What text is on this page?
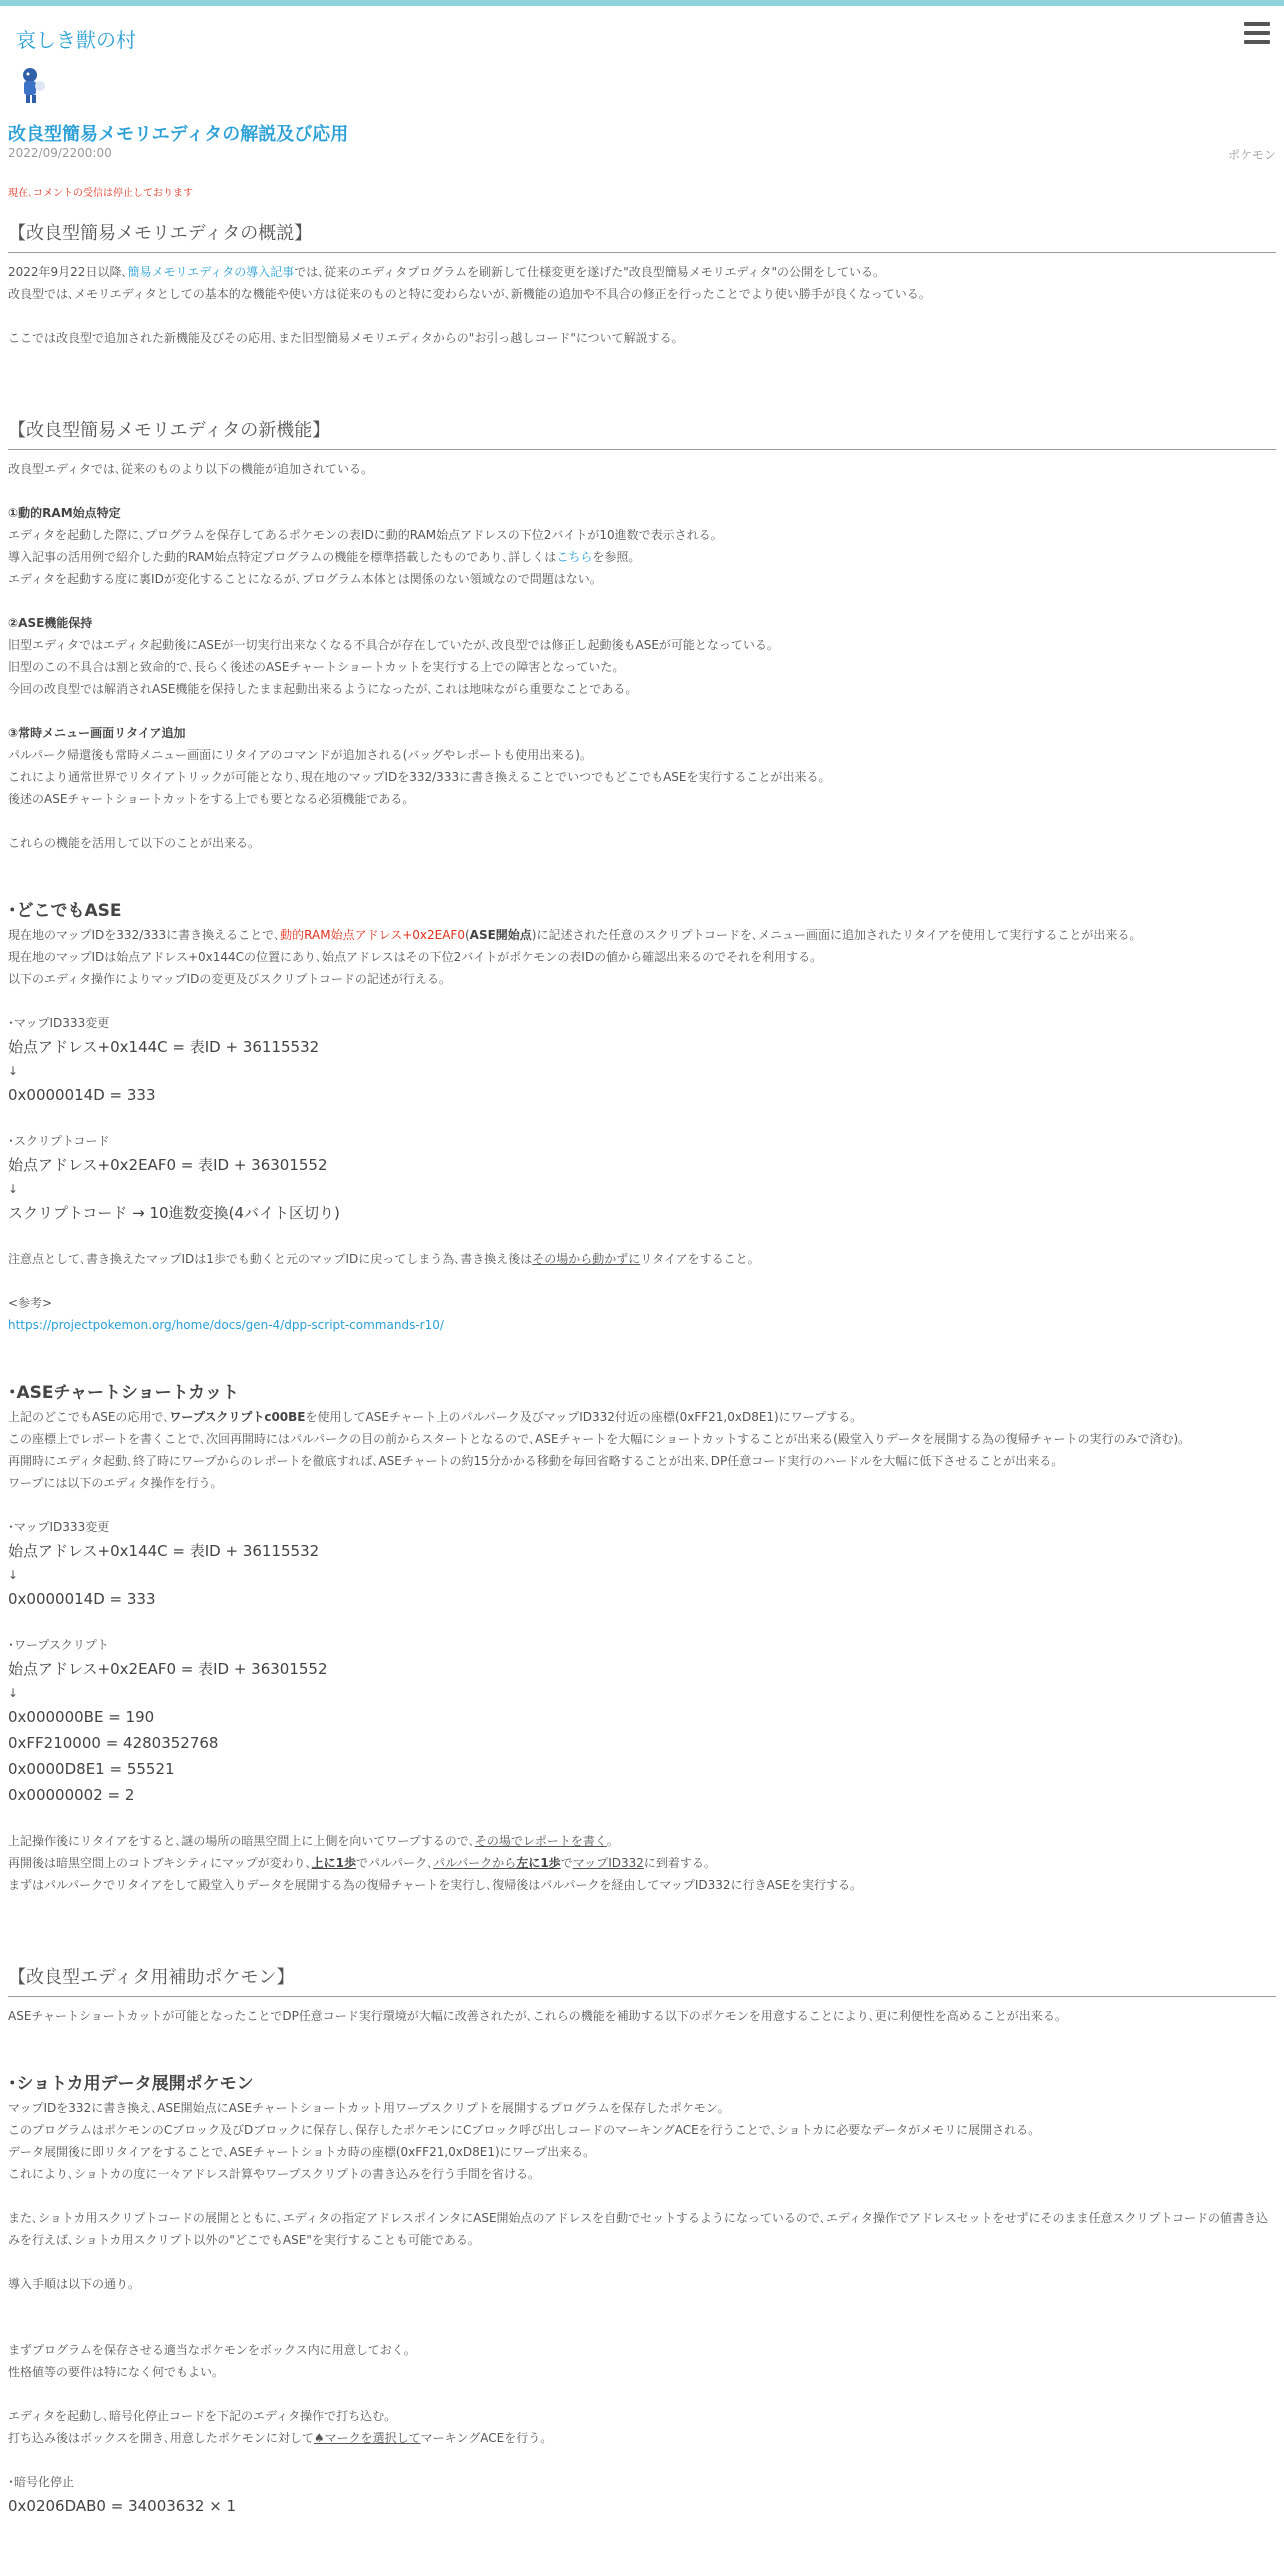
哀しき獣の村
改良型簡易メモリエディタの解説及び応用
2022/09/2200:00	ポケモン
現在､コメントの受信は停止しております
【改良型簡易メモリエディタの概説】

2022年9月22日以降､簡易メモリエディタの導入記事では､従来のエディタプログラムを刷新して仕様変更を遂げた"改良型簡易メモリエディタ"の公開をしている｡

改良型では､メモリエディタとしての基本的な機能や使い方は従来のものと特に変わらないが､新機能の追加や不具合の修正を行ったことでより使い勝手が良くなっている｡

ここでは改良型で追加された新機能及びその応用､また旧型簡易メモリエディタからの"お引っ越しコード"について解説する｡

【改良型簡易メモリエディタの新機能】

改良型エディタでは､従来のものより以下の機能が追加されている｡

①動的RAM始点特定

エディタを起動した際に､プログラムを保存してあるポケモンの表IDに動的RAM始点アドレスの下位2バイトが10進数で表示される｡

導入記事の活用例で紹介した動的RAM始点特定プログラムの機能を標準搭載したものであり､詳しくはこちらを参照｡

エディタを起動する度に裏IDが変化することになるが､プログラム本体とは関係のない領域なので問題はない｡

②ASE機能保持

旧型エディタではエディタ起動後にASEが一切実行出来なくなる不具合が存在していたが､改良型では修正し起動後もASEが可能となっている｡

旧型のこの不具合は割と致命的で､長らく後述のASEチャートショートカットを実行する上での障害となっていた｡

今回の改良型では解消されASE機能を保持したまま起動出来るようになったが､これは地味ながら重要なことである｡

③常時メニュー画面リタイア追加

パルパーク帰還後も常時メニュー画面にリタイアのコマンドが追加される(バッグやレポートも使用出来る)｡

これにより通常世界でリタイアトリックが可能となり､現在地のマップIDを332/333に書き換えることでいつでもどこでもASEを実行することが出来る｡

後述のASEチャートショートカットをする上でも要となる必須機能である｡

これらの機能を活用して以下のことが出来る｡

･どこでもASE

現在地のマップIDを332/333に書き換えることで､動的RAM始点アドレス+0x2EAF0(ASE開始点)に記述された任意のスクリプトコードを､メニュー画面に追加されたリタイアを使用して実行することが出来る｡

現在地のマップIDは始点アドレス+0x144Cの位置にあり､始点アドレスはその下位2バイトがポケモンの表IDの値から確認出来るのでそれを利用する｡

以下のエディタ操作によりマップIDの変更及びスクリプトコードの記述が行える｡

･マップID333変更

始点アドレス+0x144C = 表ID + 36115532

↓

0x0000014D = 333

･スクリプトコード

始点アドレス+0x2EAF0 = 表ID + 36301552

↓

スクリプトコード → 10進数変換(4バイト区切り)

注意点として､書き換えたマップIDは1歩でも動くと元のマップIDに戻ってしまう為､書き換え後はその場から動かずにリタイアをすること｡

<参考>

https://projectpokemon.org/home/docs/gen-4/dpp-script-commands-r10/

･ASEチャートショートカット

上記のどこでもASEの応用で､ワープスクリプトc00BEを使用してASEチャート上のパルパーク及びマップID332付近の座標(0xFF21,0xD8E1)にワープする｡

この座標上でレポートを書くことで､次回再開時にはパルパークの目の前からスタートとなるので､ASEチャートを大幅にショートカットすることが出来る(殿堂入りデータを展開する為の復帰チャートの実行のみで済む)｡

再開時にエディタ起動､終了時にワープからのレポートを徹底すれば､ASEチャートの約15分かかる移動を毎回省略することが出来､DP任意コード実行のハードルを大幅に低下させることが出来る｡

ワープには以下のエディタ操作を行う｡

･マップID333変更

始点アドレス+0x144C = 表ID + 36115532

↓

0x0000014D = 333

･ワープスクリプト

始点アドレス+0x2EAF0 = 表ID + 36301552

↓

0x000000BE = 190

0xFF210000 = 4280352768

0x0000D8E1 = 55521

0x00000002 = 2

上記操作後にリタイアをすると､謎の場所の暗黒空間上に上側を向いてワープするので､その場でレポートを書く｡

再開後は暗黒空間上のコトブキシティにマップが変わり､上に1歩でパルパーク､パルパークから左に1歩でマップID332に到着する｡

まずはパルパークでリタイアをして殿堂入りデータを展開する為の復帰チャートを実行し､復帰後はパルパークを経由してマップID332に行きASEを実行する｡

【改良型エディタ用補助ポケモン】

ASEチャートショートカットが可能となったことでDP任意コード実行環境が大幅に改善されたが､これらの機能を補助する以下のポケモンを用意することにより､更に利便性を高めることが出来る｡

･ショトカ用データ展開ポケモン

マップIDを332に書き換え､ASE開始点にASEチャートショートカット用ワープスクリプトを展開するプログラムを保存したポケモン｡

このプログラムはポケモンのCブロック及びDブロックに保存し､保存したポケモンにCブロック呼び出しコードのマーキングACEを行うことで､ショトカに必要なデータがメモリに展開される｡

データ展開後に即リタイアをすることで､ASEチャートショトカ時の座標(0xFF21,0xD8E1)にワープ出来る｡

これにより､ショトカの度に一々アドレス計算やワープスクリプトの書き込みを行う手間を省ける｡

また､ショトカ用スクリプトコードの展開とともに､エディタの指定アドレスポインタにASE開始点のアドレスを自動でセットするようになっているので､エディタ操作でアドレスセットをせずにそのまま任意スクリプトコードの値書き込みを行えば､ショトカ用スクリプト以外の"どこでもASE"を実行することも可能である｡

導入手順は以下の通り｡

まずプログラムを保存させる適当なポケモンをボックス内に用意しておく｡

性格値等の要件は特になく何でもよい｡

エディタを起動し､暗号化停止コードを下記のエディタ操作で打ち込む｡

打ち込み後はボックスを開き､用意したポケモンに対して♠マークを選択してマーキングACEを行う｡

･暗号化停止

0x0206DAB0 = 34003632 × 1
